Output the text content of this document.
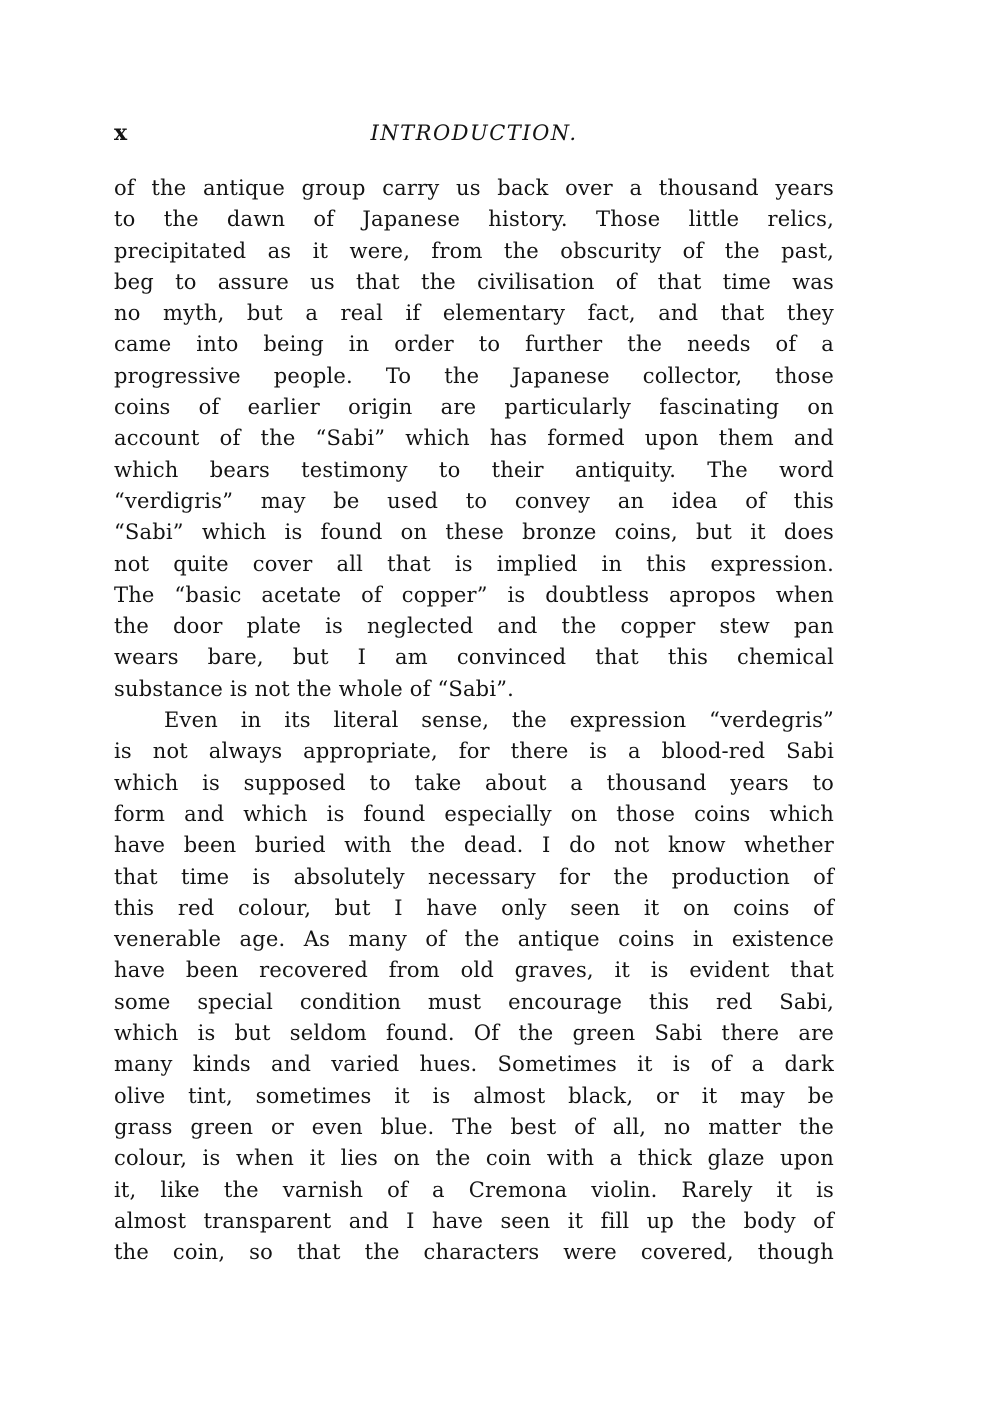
x	INTRODUCTION.
of the antique group carry us back over a thousand years
to the dawn of Japanese history. Those little relics,
precipitated as it were, from the obscurity of the past,
beg to assure us that the civilisation of that time was
no myth, but a real if elementary fact, and that they
came into being in order to further the needs of a
progressive people. To the Japanese collector, those
coins of earlier origin are particularly fascinating on
account of the “Sabi” which has formed upon them and
which bears testimony to their antiquity. The word
“verdigris” may be used to convey an idea of this
“Sabi” which is found on these bronze coins, but it does
not quite cover all that is implied in this expression.
The “basic acetate of copper” is doubtless apropos when
the door plate is neglected and the copper stew pan
wears bare, but I am convinced that this chemical
substance is not the whole of “Sabi”.
Even in its literal sense, the expression “verdegris”
is not always appropriate, for there is a blood-red Sabi
which is supposed to take about a thousand years to
form and which is found especially on those coins which
have been buried with the dead. I do not know whether
that time is absolutely necessary for the production of
this red colour, but I have only seen it on coins of
venerable age. As many of the antique coins in existence
have been recovered from old graves, it is evident that
some special condition must encourage this red Sabi,
which is but seldom found. Of the green Sabi there are
many kinds and varied hues. Sometimes it is of a dark
olive tint, sometimes it is almost black, or it may be
grass green or even blue. The best of all, no matter the
colour, is when it lies on the coin with a thick glaze upon
it, like the varnish of a Cremona violin. Rarely it is
almost transparent and I have seen it fill up the body of
the coin, so that the characters were covered, though
